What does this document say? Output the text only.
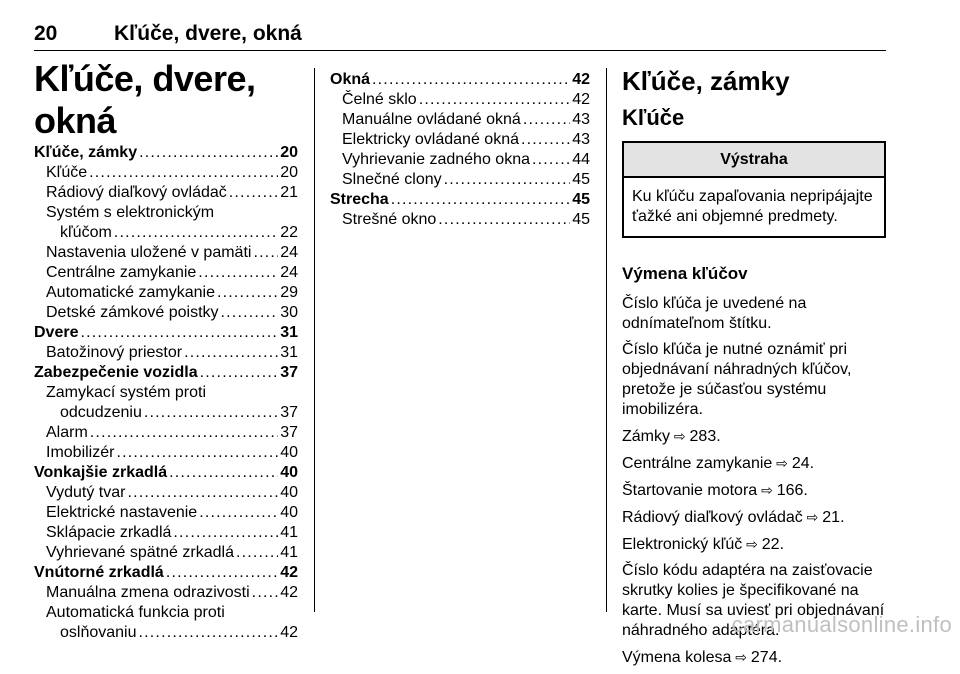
20	Kľúče, dvere, okná
Kľúče, dvere, okná
Kľúče, zámky .....	20
Kľúče .....	20
Rádiový diaľkový ovládač .....	21
Systém s elektronickým
kľúčom .....	22
Nastavenia uložené v pamäti ..... 24
Centrálne zamykanie .....	24
Automatické zamykanie .....	29
Detské zámkové poistky .....	30
Dvere .....	31
Batožinový priestor .....	31
Zabezpečenie vozidla .....	37
Zamykací systém proti
odcudzeniu .....	37
Alarm .....	37
Imobilizér .....	40
Vonkajšie zrkadlá .....	40
Vydutý tvar .....	40
Elektrické nastavenie .....	40
Sklápacie zrkadlá .....	41
Vyhrievané spätné zrkadlá .....	41
Vnútorné zrkadlá .....	42
Manuálna zmena odrazivosti ..... 42
Automatická funkcia proti
oslňovaniu .....	42
Okná .....	42
Čelné sklo .....	42
Manuálne ovládané okná .....	43
Elektricky ovládané okná .....	43
Vyhrievanie zadného okna .....	44
Slnečné clony .....	45
Strecha .....	45
Strešné okno .....	45
Kľúče, zámky
Kľúče
Výstraha
Ku kľúču zapaľovania nepripájajte ťažké ani objemné predmety.
Výmena kľúčov
Číslo kľúča je uvedené na odnímateľnom štítku.
Číslo kľúča je nutné oznámiť pri objednávaní náhradných kľúčov, pretože je súčasťou systému imobilizéra.
Zámky ⇨ 283.
Centrálne zamykanie ⇨ 24.
Štartovanie motora ⇨ 166.
Rádiový diaľkový ovládač ⇨ 21.
Elektronický kľúč ⇨ 22.
Číslo kódu adaptéra na zaisťovacie skrutky kolies je špecifikované na karte. Musí sa uviesť pri objednávaní náhradného adaptéra.
Výmena kolesa ⇨ 274.
carmanualsonline.info
